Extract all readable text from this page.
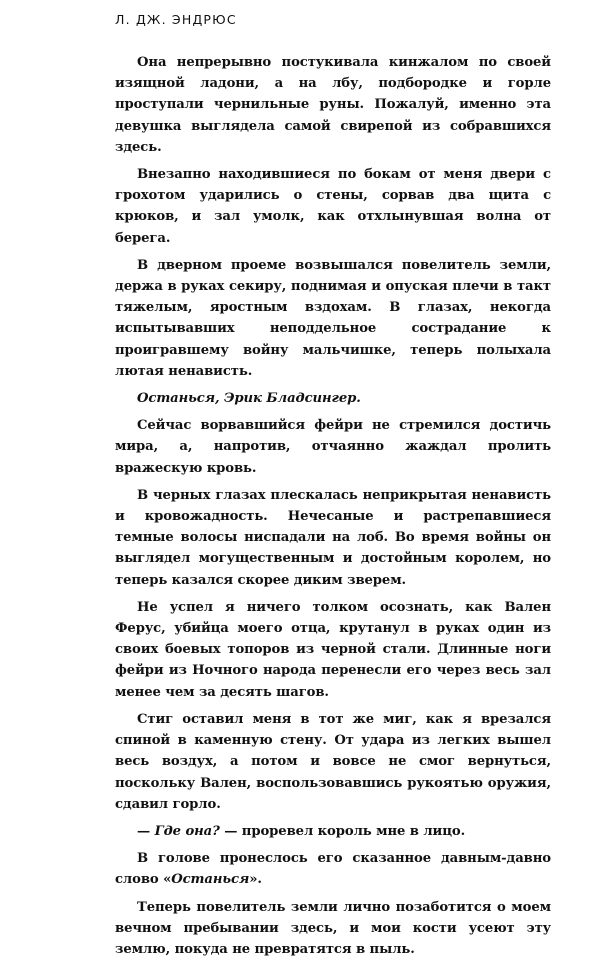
Л. ДЖ. ЭНДРЮС

Она непрерывно постукивала кинжалом по своей изящной ладони, а на лбу, подбородке и горле проступали чернильные руны. Пожалуй, именно эта девушка выглядела самой свирепой из собравшихся здесь.

Внезапно находившиеся по бокам от меня двери с грохотом ударились о стены, сорвав два щита с крюков, и зал умолк, как отхлынувшая волна от берега.

В дверном проеме возвышался повелитель земли, держа в руках секиру, поднимая и опуская плечи в такт тяжелым, яростным вздохам. В глазах, некогда испытывавших неподдельное сострадание к проигравшему войну мальчишке, теперь полыхала лютая ненависть.

Останься, Эрик Бладсингер.

Сейчас ворвавшийся фейри не стремился достичь мира, а, напротив, отчаянно жаждал пролить вражескую кровь.

В черных глазах плескалась неприкрытая ненависть и кровожадность. Нечесаные и растрепавшиеся темные волосы ниспадали на лоб. Во время войны он выглядел могущественным и достойным королем, но теперь казался скорее диким зверем.

Не успел я ничего толком осознать, как Вален Ферус, убийца моего отца, крутанул в руках один из своих боевых топоров из черной стали. Длинные ноги фейри из Ночного народа перенесли его через весь зал менее чем за десять шагов.

Стиг оставил меня в тот же миг, как я врезался спиной в каменную стену. От удара из легких вышел весь воздух, а потом и вовсе не смог вернуться, поскольку Вален, воспользовавшись рукоятью оружия, сдавил горло.

— Где она? — проревел король мне в лицо.

В голове пронеслось его сказанное давным-давно слово «Останься».

Теперь повелитель земли лично позаботится о моем вечном пребывании здесь, и мои кости усеют эту землю, покуда не превратятся в пыль.
